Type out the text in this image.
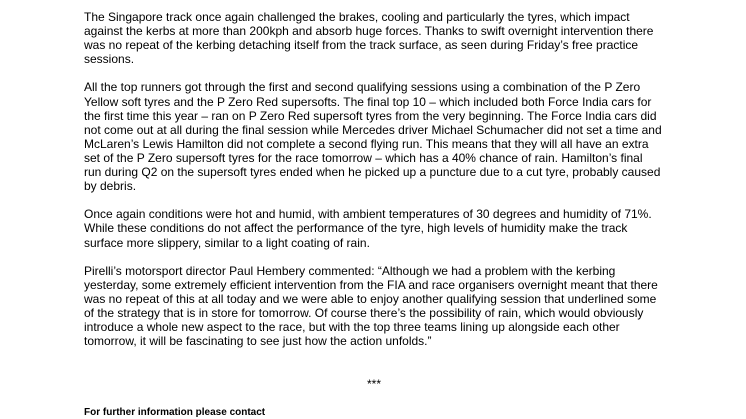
The Singapore track once again challenged the brakes, cooling and particularly the tyres, which impact
against the kerbs at more than 200kph and absorb huge forces. Thanks to swift overnight intervention there
was no repeat of the kerbing detaching itself from the track surface, as seen during Friday’s free practice
sessions.

All the top runners got through the first and second qualifying sessions using a combination of the P Zero
Yellow soft tyres and the P Zero Red supersofts. The final top 10 – which included both Force India cars for
the first time this year – ran on P Zero Red supersoft tyres from the very beginning. The Force India cars did
not come out at all during the final session while Mercedes driver Michael Schumacher did not set a time and
McLaren’s Lewis Hamilton did not complete a second flying run. This means that they will all have an extra
set of the P Zero supersoft tyres for the race tomorrow – which has a 40% chance of rain. Hamilton’s final
run during Q2 on the supersoft tyres ended when he picked up a puncture due to a cut tyre, probably caused
by debris.

Once again conditions were hot and humid, with ambient temperatures of 30 degrees and humidity of 71%.
While these conditions do not affect the performance of the tyre, high levels of humidity make the track
surface more slippery, similar to a light coating of rain.

Pirelli’s motorsport director Paul Hembery commented: “Although we had a problem with the kerbing
yesterday, some extremely efficient intervention from the FIA and race organisers overnight meant that there
was no repeat of this at all today and we were able to enjoy another qualifying session that underlined some
of the strategy that is in store for tomorrow. Of course there’s the possibility of rain, which would obviously
introduce a whole new aspect to the race, but with the top three teams lining up alongside each other
tomorrow, it will be fascinating to see just how the action unfolds.”

***
For further information please contact
